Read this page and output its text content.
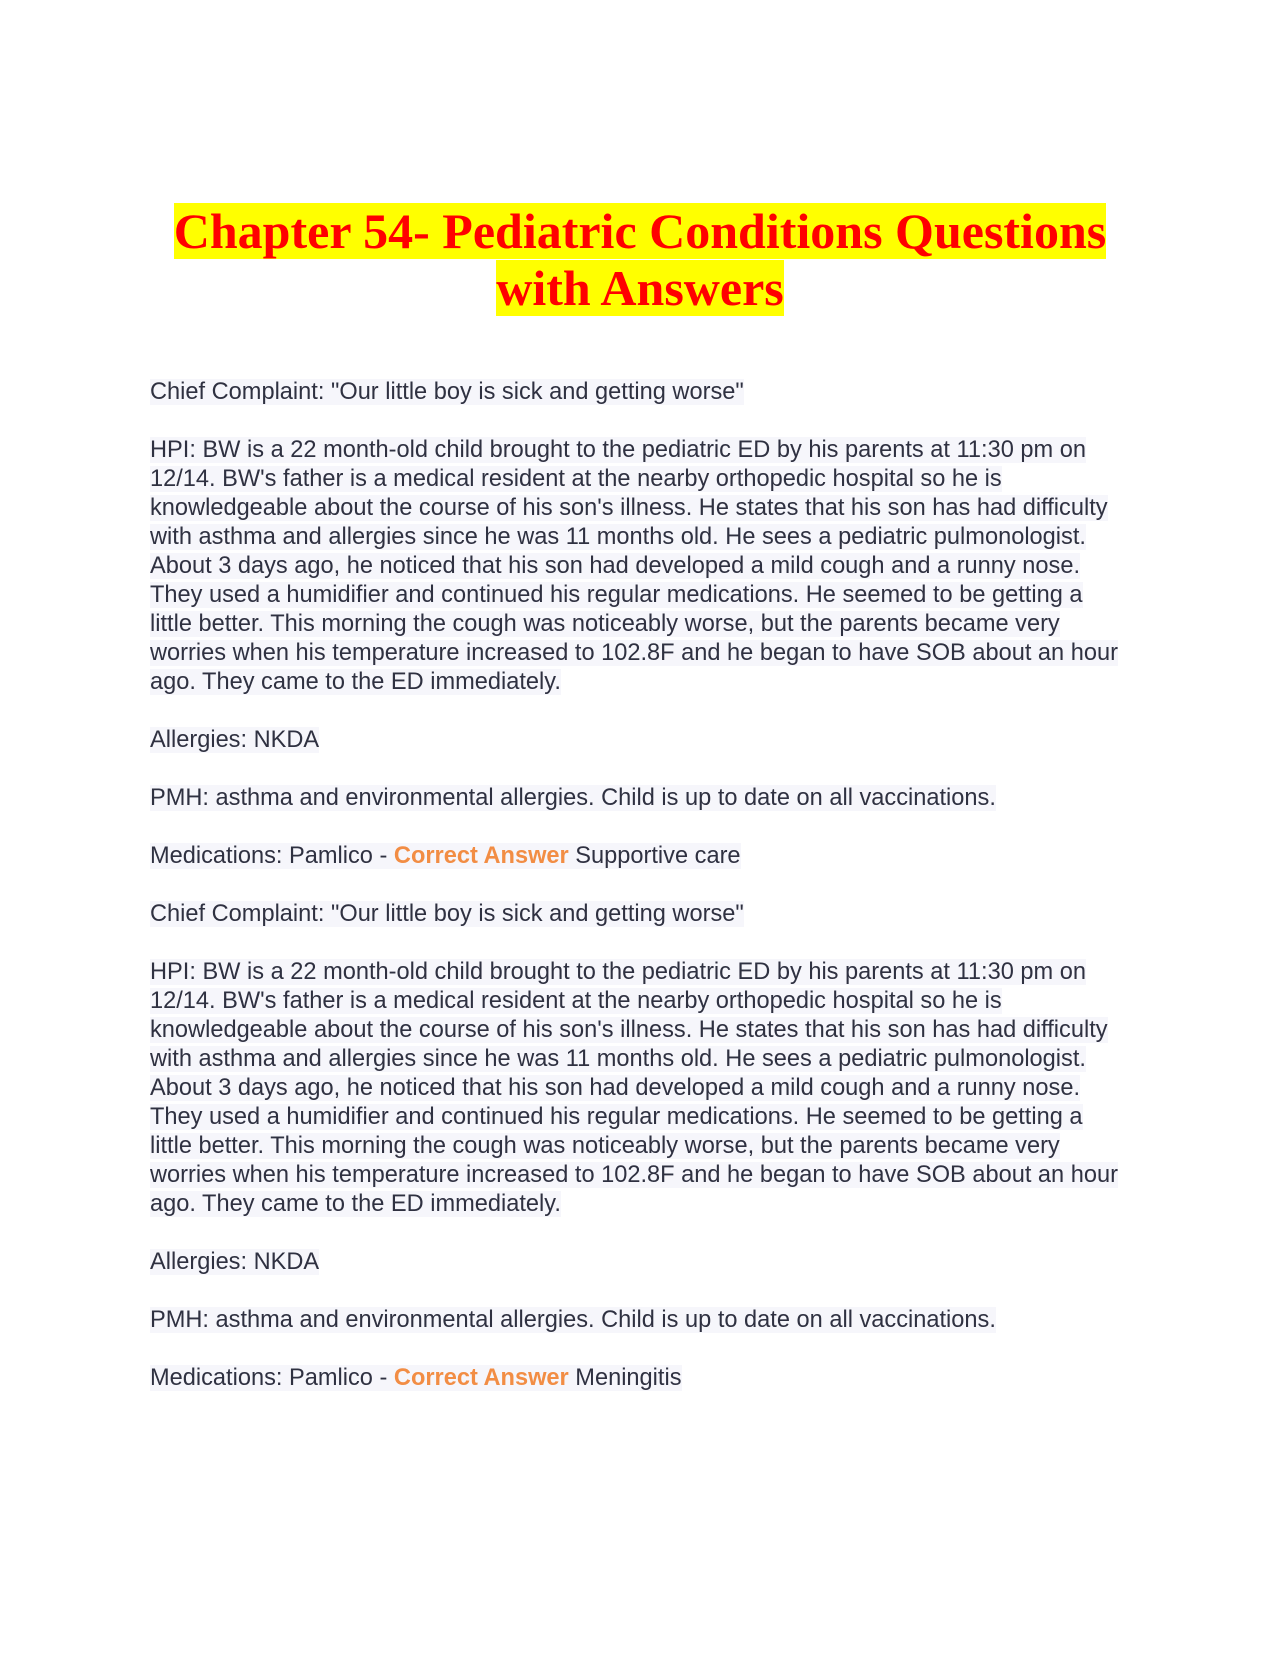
Chapter 54- Pediatric Conditions Questions
with Answers

Chief Complaint: "Our little boy is sick and getting worse"

HPI: BW is a 22 month-old child brought to the pediatric ED by his parents at 11:30 pm on 12/14. BW's father is a medical resident at the nearby orthopedic hospital so he is knowledgeable about the course of his son's illness. He states that his son has had difficulty with asthma and allergies since he was 11 months old. He sees a pediatric pulmonologist. About 3 days ago, he noticed that his son had developed a mild cough and a runny nose. They used a humidifier and continued his regular medications. He seemed to be getting a little better. This morning the cough was noticeably worse, but the parents became very worries when his temperature increased to 102.8F and he began to have SOB about an hour ago. They came to the ED immediately.

Allergies: NKDA

PMH: asthma and environmental allergies. Child is up to date on all vaccinations.

Medications: Pamlico - Correct Answer Supportive care

Chief Complaint: "Our little boy is sick and getting worse"

HPI: BW is a 22 month-old child brought to the pediatric ED by his parents at 11:30 pm on 12/14. BW's father is a medical resident at the nearby orthopedic hospital so he is knowledgeable about the course of his son's illness. He states that his son has had difficulty with asthma and allergies since he was 11 months old. He sees a pediatric pulmonologist. About 3 days ago, he noticed that his son had developed a mild cough and a runny nose. They used a humidifier and continued his regular medications. He seemed to be getting a little better. This morning the cough was noticeably worse, but the parents became very worries when his temperature increased to 102.8F and he began to have SOB about an hour ago. They came to the ED immediately.

Allergies: NKDA

PMH: asthma and environmental allergies. Child is up to date on all vaccinations.

Medications: Pamlico - Correct Answer Meningitis
